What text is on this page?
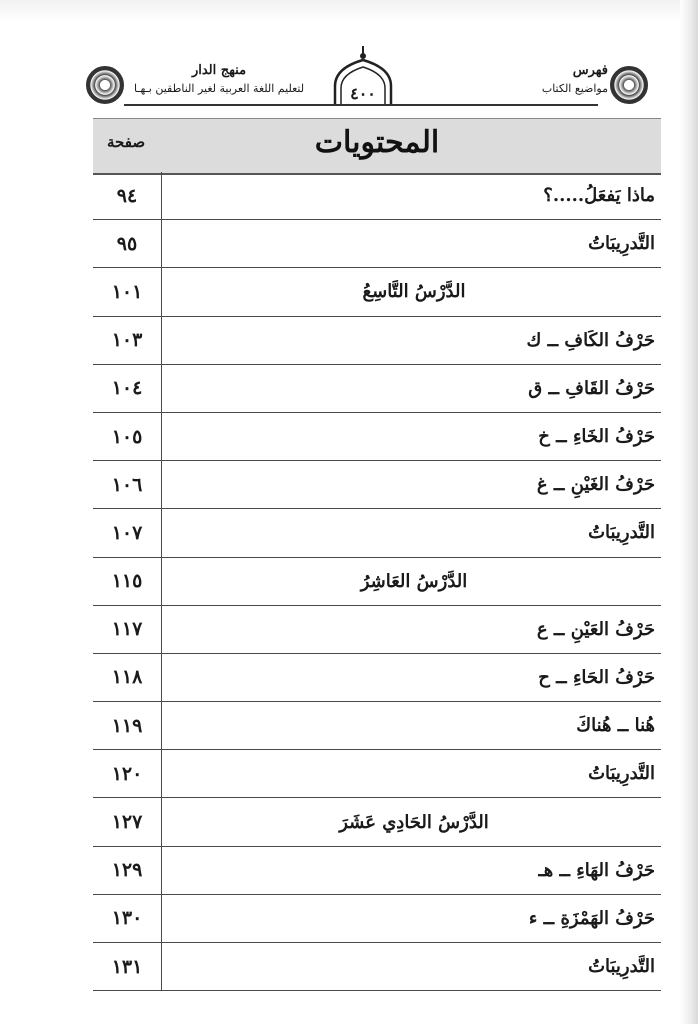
فهرس
مواضيع الكتاب
منهج الدار
لتعليم اللغة العربية لغير الناطقين بـهـا	٤٠٠
المحتويات
صفحة
٩٤	ماذا يَفعَلُ.....؟
٩٥	التَّدرِيبَاتُ
١٠١	الدَّرْسُ التَّاسِعُ
١٠٣	حَرْفُ الكَافِ ــ ك
١٠٤	حَرْفُ القَافِ ــ ق
١٠٥	حَرْفُ الخَاءِ ــ خ
١٠٦	حَرْفُ الغَيْنِ ــ غ
١٠٧	التَّدرِيبَاتُ
١١٥	الدَّرْسُ العَاشِرُ
١١٧	حَرْفُ العَيْنِ ــ ع
١١٨	حَرْفُ الحَاءِ ــ ح
١١٩	هُنا ــ هُناكَ
١٢٠	التَّدرِيبَاتُ
١٢٧	الدَّرْسُ الحَادِي عَشَرَ
١٢٩	حَرْفُ الهَاءِ ــ هـ
١٣٠	حَرْفُ الهَمْزَةِ ــ ء
١٣١	التَّدرِيبَاتُ
